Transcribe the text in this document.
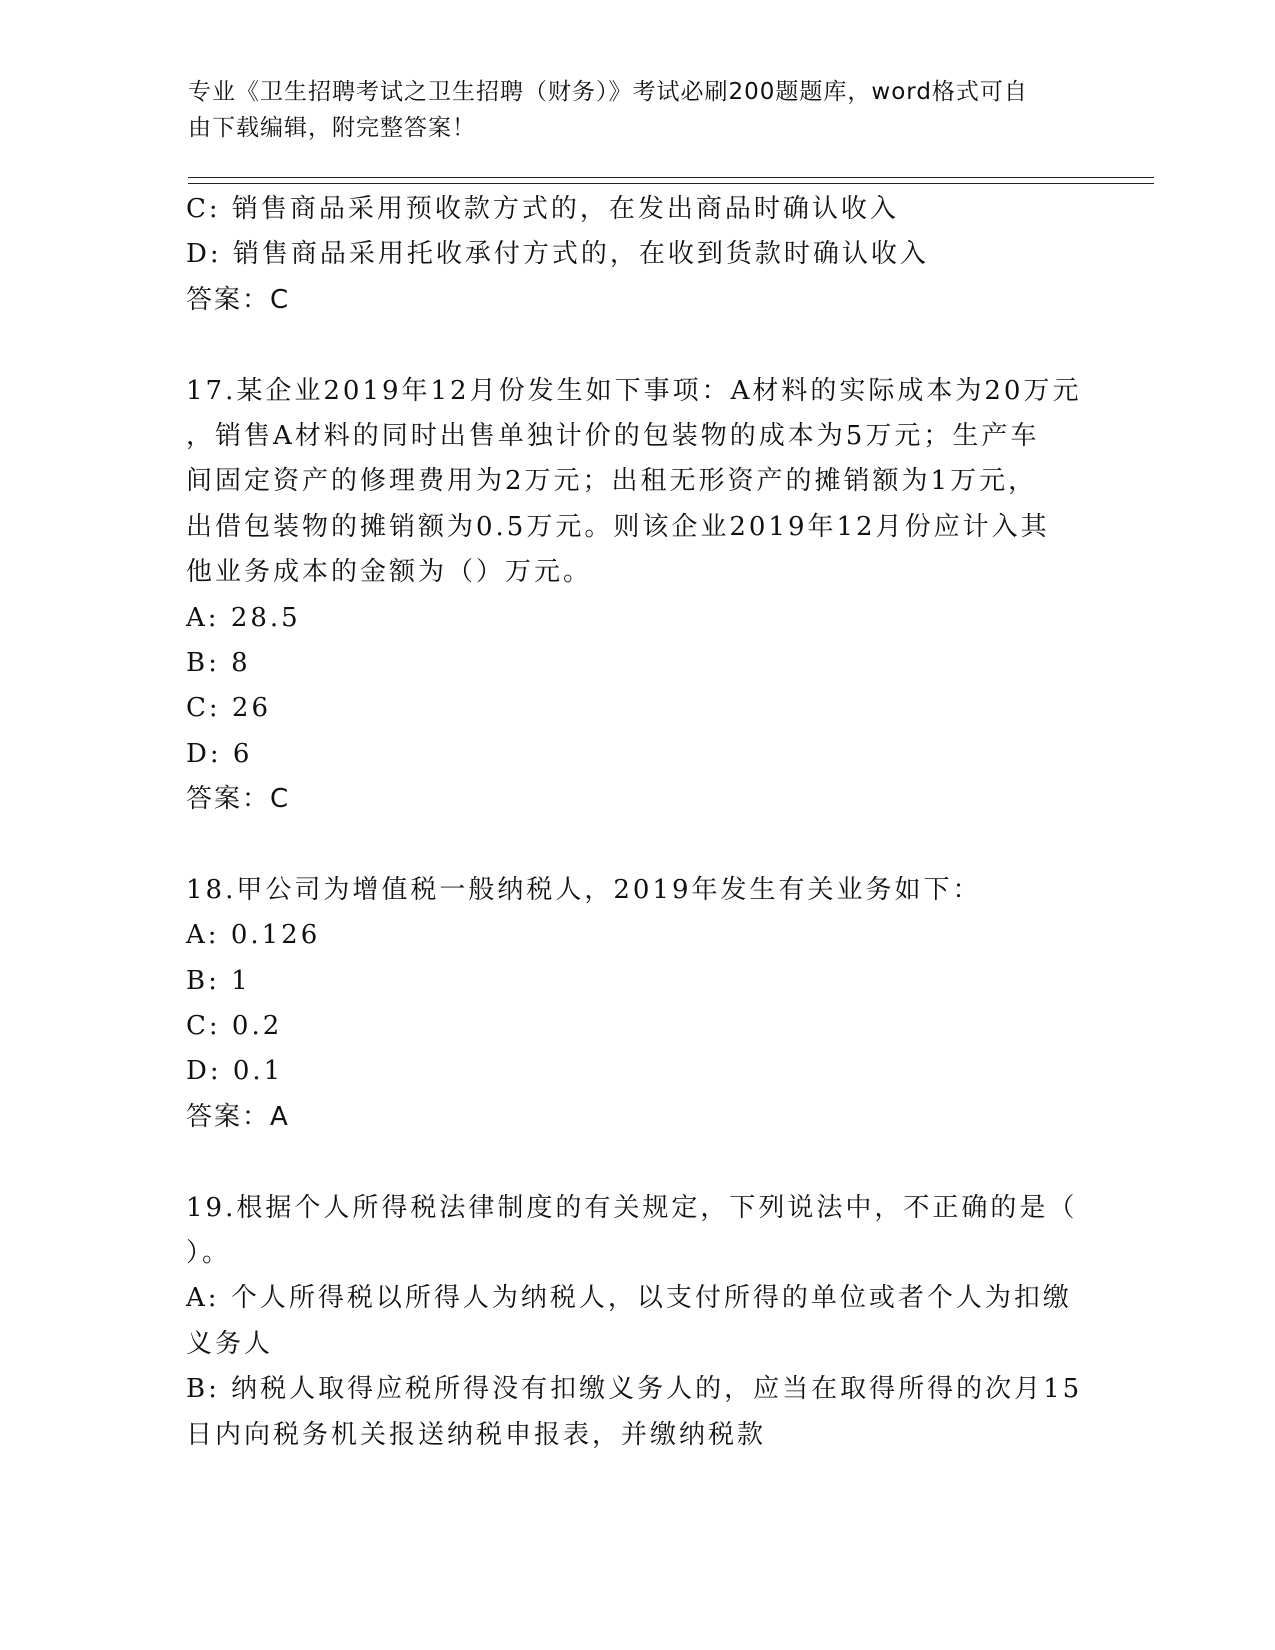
专业《卫生招聘考试之卫生招聘（财务）》考试必刷200题题库，word格式可自
由下载编辑，附完整答案！
C: 销售商品采用预收款方式的，在发出商品时确认收入
D: 销售商品采用托收承付方式的，在收到货款时确认收入
答案：C
17.某企业2019年12月份发生如下事项：A材料的实际成本为20万元
，销售A材料的同时出售单独计价的包装物的成本为5万元；生产车
间固定资产的修理费用为2万元；出租无形资产的摊销额为1万元，
出借包装物的摊销额为0.5万元。则该企业2019年12月份应计入其
他业务成本的金额为（）万元。
A: 28.5
B: 8
C: 26
D: 6
答案：C
18.甲公司为增值税一般纳税人，2019年发生有关业务如下：
A: 0.126
B: 1
C: 0.2
D: 0.1
答案：A
19.根据个人所得税法律制度的有关规定，下列说法中，不正确的是（
）。
A: 个人所得税以所得人为纳税人，以支付所得的单位或者个人为扣缴
义务人
B: 纳税人取得应税所得没有扣缴义务人的，应当在取得所得的次月15
日内向税务机关报送纳税申报表，并缴纳税款
